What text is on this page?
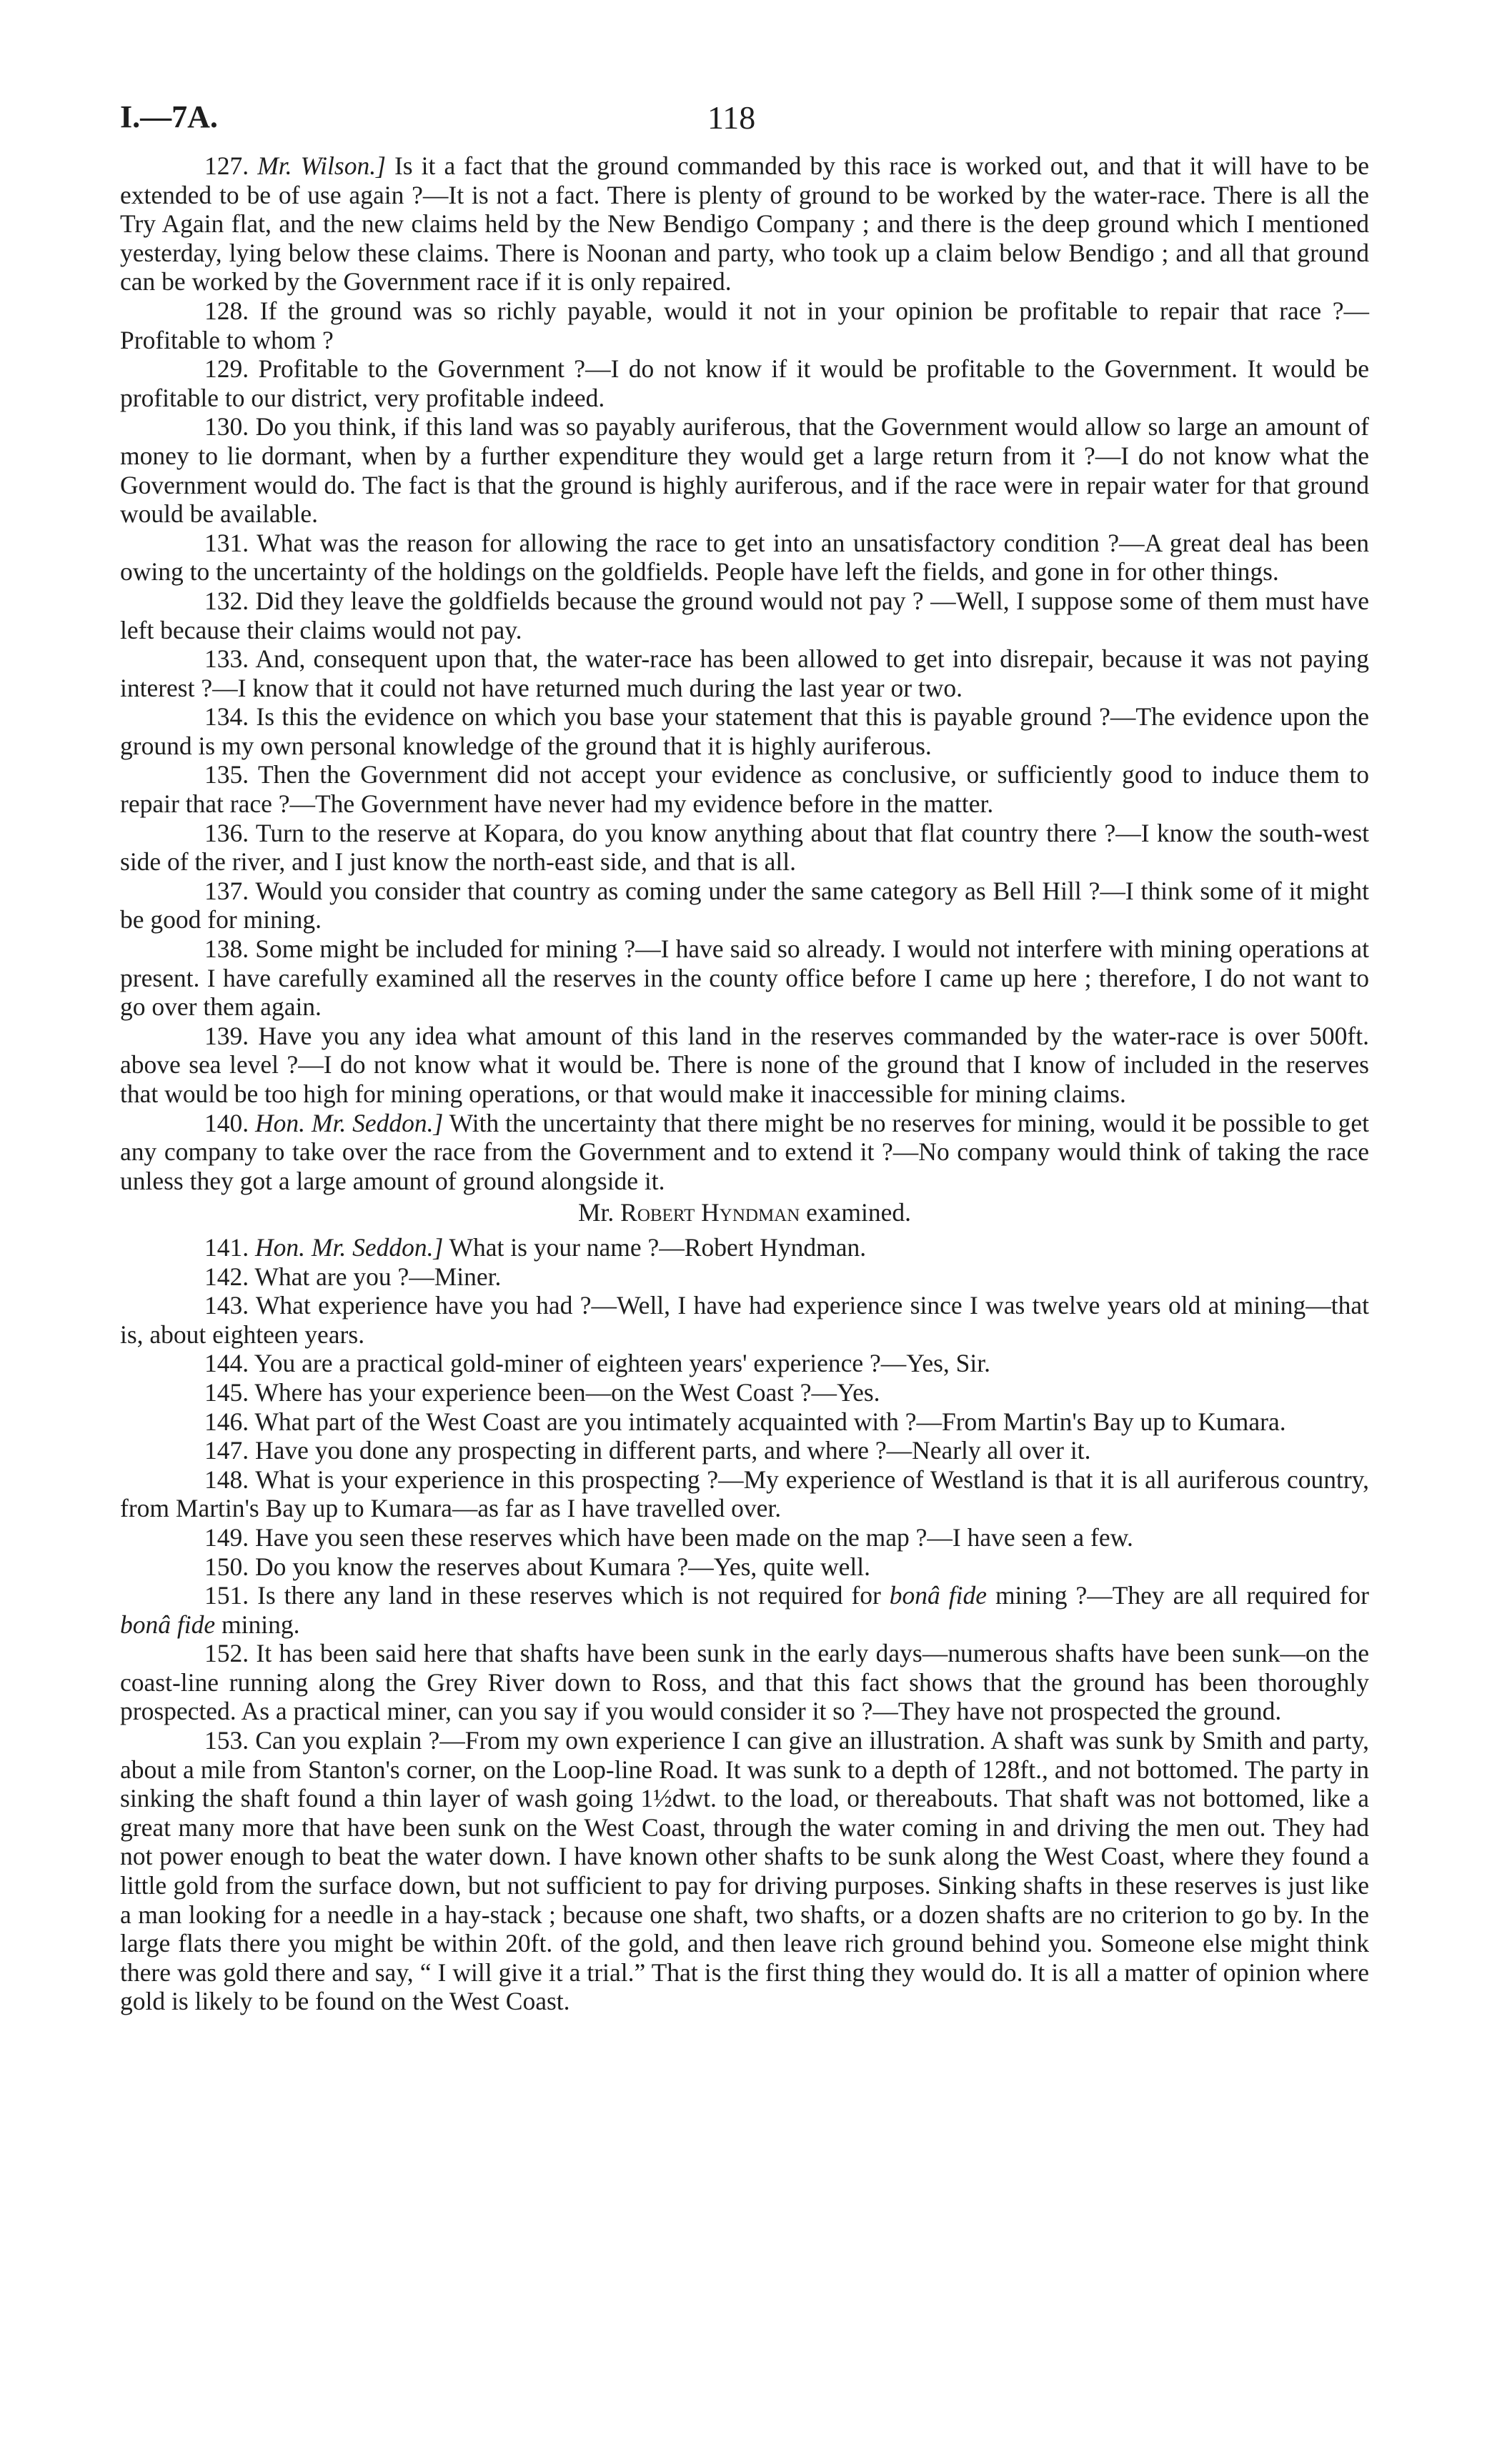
I.—7A.	118

127. Mr. Wilson.] Is it a fact that the ground commanded by this race is worked out, and that it will have to be extended to be of use again ?—It is not a fact. There is plenty of ground to be worked by the water-race. There is all the Try Again flat, and the new claims held by the New Bendigo Company ; and there is the deep ground which I mentioned yesterday, lying below these claims. There is Noonan and party, who took up a claim below Bendigo ; and all that ground can be worked by the Government race if it is only repaired.

128. If the ground was so richly payable, would it not in your opinion be profitable to repair that race ?—Profitable to whom ?

129. Profitable to the Government ?—I do not know if it would be profitable to the Government. It would be profitable to our district, very profitable indeed.

130. Do you think, if this land was so payably auriferous, that the Government would allow so large an amount of money to lie dormant, when by a further expenditure they would get a large return from it ?—I do not know what the Government would do. The fact is that the ground is highly auriferous, and if the race were in repair water for that ground would be available.

131. What was the reason for allowing the race to get into an unsatisfactory condition ?—A great deal has been owing to the uncertainty of the holdings on the goldfields. People have left the fields, and gone in for other things.

132. Did they leave the goldfields because the ground would not pay ? —Well, I suppose some of them must have left because their claims would not pay.

133. And, consequent upon that, the water-race has been allowed to get into disrepair, because it was not paying interest ?—I know that it could not have returned much during the last year or two.

134. Is this the evidence on which you base your statement that this is payable ground ?—The evidence upon the ground is my own personal knowledge of the ground that it is highly auriferous.

135. Then the Government did not accept your evidence as conclusive, or sufficiently good to induce them to repair that race ?—The Government have never had my evidence before in the matter.

136. Turn to the reserve at Kopara, do you know anything about that flat country there ?—I know the south-west side of the river, and I just know the north-east side, and that is all.

137. Would you consider that country as coming under the same category as Bell Hill ?—I think some of it might be good for mining.

138. Some might be included for mining ?—I have said so already. I would not interfere with mining operations at present. I have carefully examined all the reserves in the county office before I came up here ; therefore, I do not want to go over them again.

139. Have you any idea what amount of this land in the reserves commanded by the water-race is over 500ft. above sea level ?—I do not know what it would be. There is none of the ground that I know of included in the reserves that would be too high for mining operations, or that would make it inaccessible for mining claims.

140. Hon. Mr. Seddon.] With the uncertainty that there might be no reserves for mining, would it be possible to get any company to take over the race from the Government and to extend it ?—No company would think of taking the race unless they got a large amount of ground alongside it.

Mr. Robert Hyndman examined.

141. Hon. Mr. Seddon.] What is your name ?—Robert Hyndman.

142. What are you ?—Miner.

143. What experience have you had ?—Well, I have had experience since I was twelve years old at mining—that is, about eighteen years.

144. You are a practical gold-miner of eighteen years' experience ?—Yes, Sir.

145. Where has your experience been—on the West Coast ?—Yes.

146. What part of the West Coast are you intimately acquainted with ?—From Martin's Bay up to Kumara.

147. Have you done any prospecting in different parts, and where ?—Nearly all over it.

148. What is your experience in this prospecting ?—My experience of Westland is that it is all auriferous country, from Martin's Bay up to Kumara—as far as I have travelled over.

149. Have you seen these reserves which have been made on the map ?—I have seen a few.

150. Do you know the reserves about Kumara ?—Yes, quite well.

151. Is there any land in these reserves which is not required for bonâ fide mining ?—They are all required for bonâ fide mining.

152. It has been said here that shafts have been sunk in the early days—numerous shafts have been sunk—on the coast-line running along the Grey River down to Ross, and that this fact shows that the ground has been thoroughly prospected. As a practical miner, can you say if you would consider it so ?—They have not prospected the ground.

153. Can you explain ?—From my own experience I can give an illustration. A shaft was sunk by Smith and party, about a mile from Stanton's corner, on the Loop-line Road. It was sunk to a depth of 128ft., and not bottomed. The party in sinking the shaft found a thin layer of wash going 1½dwt. to the load, or thereabouts. That shaft was not bottomed, like a great many more that have been sunk on the West Coast, through the water coming in and driving the men out. They had not power enough to beat the water down. I have known other shafts to be sunk along the West Coast, where they found a little gold from the surface down, but not sufficient to pay for driving purposes. Sinking shafts in these reserves is just like a man looking for a needle in a hay-stack ; because one shaft, two shafts, or a dozen shafts are no criterion to go by. In the large flats there you might be within 20ft. of the gold, and then leave rich ground behind you. Someone else might think there was gold there and say, “ I will give it a trial.” That is the first thing they would do. It is all a matter of opinion where gold is likely to be found on the West Coast.
